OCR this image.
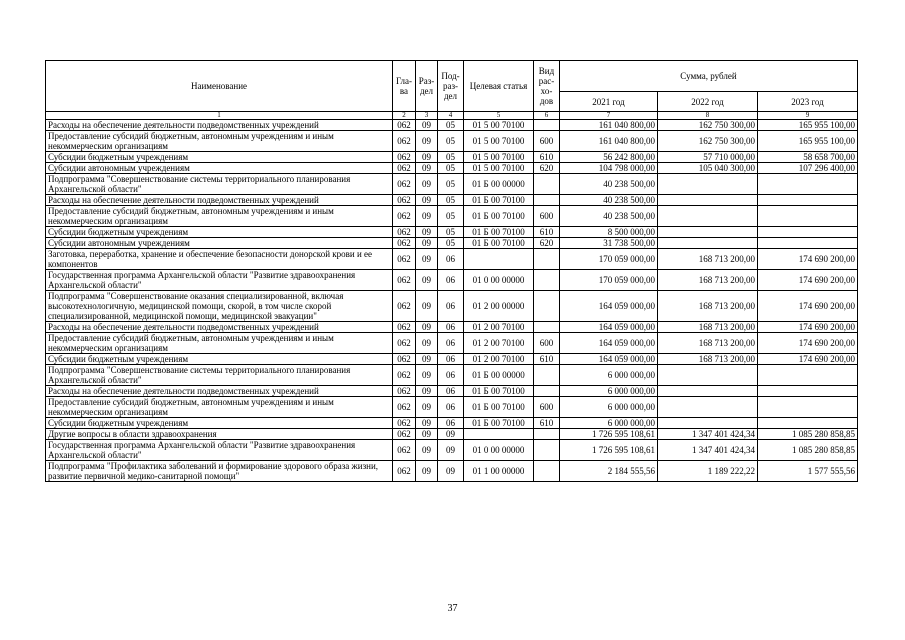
Наименование	Гла-ва	Раз-дел	Под-раз-дел	Целевая статья	Вид рас-хо-дов	Сумма, рублей		
						2021 год	2022 год	2023 год
1	2	3	4	5	6	7	8	9
Расходы на обеспечение деятельности подведомственных учреждений	062	09	05	01 5 00 70100		161 040 800,00	162 750 300,00	165 955 100,00
Предоставление субсидий бюджетным, автономным учреждениям и иным некоммерческим организациям	062	09	05	01 5 00 70100	600	161 040 800,00	162 750 300,00	165 955 100,00
Субсидии бюджетным учреждениям	062	09	05	01 5 00 70100	610	56 242 800,00	57 710 000,00	58 658 700,00
Субсидии автономным учреждениям	062	09	05	01 5 00 70100	620	104 798 000,00	105 040 300,00	107 296 400,00
Подпрограмма "Совершенствование системы территориального планирования Архангельской области"	062	09	05	01 Б 00 00000		40 238 500,00		
Расходы на обеспечение деятельности подведомственных учреждений	062	09	05	01 Б 00 70100		40 238 500,00		
Предоставление субсидий бюджетным, автономным учреждениям и иным некоммерческим организациям	062	09	05	01 Б 00 70100	600	40 238 500,00		
Субсидии бюджетным учреждениям	062	09	05	01 Б 00 70100	610	8 500 000,00		
Субсидии автономным учреждениям	062	09	05	01 Б 00 70100	620	31 738 500,00		
Заготовка, переработка, хранение и обеспечение безопасности донорской крови и ее компонентов	062	09	06			170 059 000,00	168 713 200,00	174 690 200,00
Государственная программа Архангельской области "Развитие здравоохранения Архангельской области"	062	09	06	01 0 00 00000		170 059 000,00	168 713 200,00	174 690 200,00
Подпрограмма "Совершенствование оказания специализированной, включая высокотехнологичную, медицинской помощи, скорой, в том числе скорой специализированной, медицинской помощи, медицинской эвакуации"	062	09	06	01 2 00 00000		164 059 000,00	168 713 200,00	174 690 200,00
Расходы на обеспечение деятельности подведомственных учреждений	062	09	06	01 2 00 70100		164 059 000,00	168 713 200,00	174 690 200,00
Предоставление субсидий бюджетным, автономным учреждениям и иным некоммерческим организациям	062	09	06	01 2 00 70100	600	164 059 000,00	168 713 200,00	174 690 200,00
Субсидии бюджетным учреждениям	062	09	06	01 2 00 70100	610	164 059 000,00	168 713 200,00	174 690 200,00
Подпрограмма "Совершенствование системы территориального планирования Архангельской области"	062	09	06	01 Б 00 00000		6 000 000,00		
Расходы на обеспечение деятельности подведомственных учреждений	062	09	06	01 Б 00 70100		6 000 000,00		
Предоставление субсидий бюджетным, автономным учреждениям и иным некоммерческим организациям	062	09	06	01 Б 00 70100	600	6 000 000,00		
Субсидии бюджетным учреждениям	062	09	06	01 Б 00 70100	610	6 000 000,00		
Другие вопросы в области здравоохранения	062	09	09			1 726 595 108,61	1 347 401 424,34	1 085 280 858,85
Государственная программа Архангельской области "Развитие здравоохранения Архангельской области"	062	09	09	01 0 00 00000		1 726 595 108,61	1 347 401 424,34	1 085 280 858,85
Подпрограмма "Профилактика заболеваний и формирование здорового образа жизни, развитие первичной медико-санитарной помощи"	062	09	09	01 1 00 00000		2 184 555,56	1 189 222,22	1 577 555,56
37
